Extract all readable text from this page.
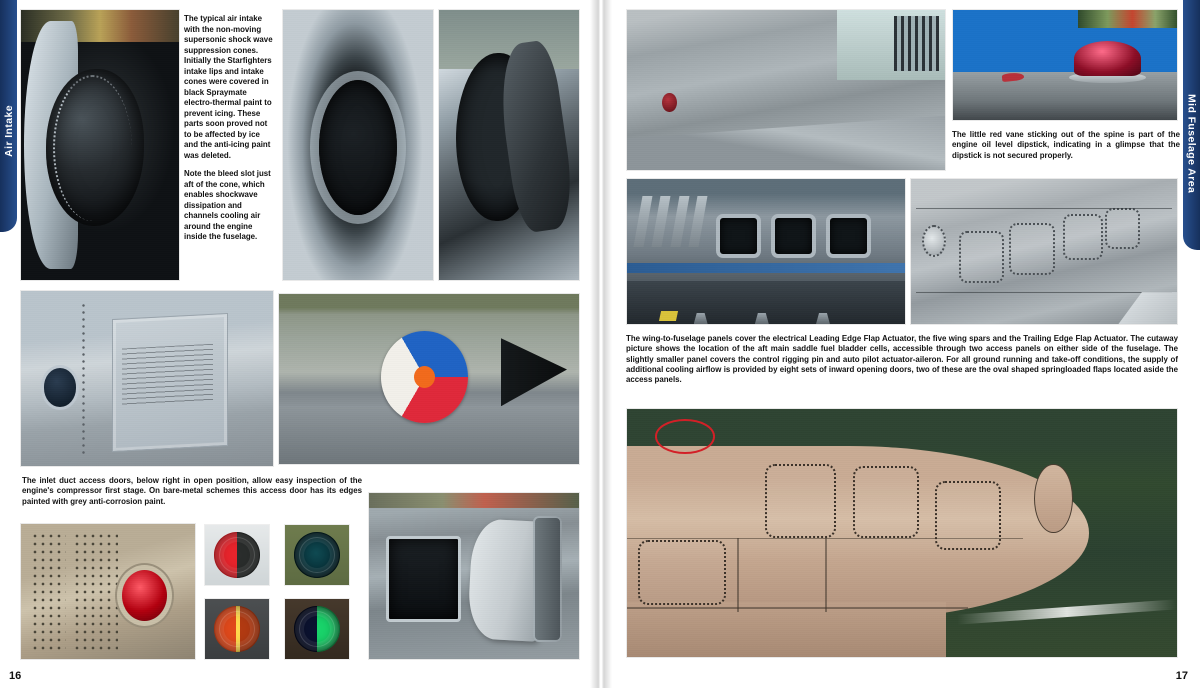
Air Intake

The typical air intake with the non-moving supersonic shock wave suppression cones. Initially the Starfighters intake lips and intake cones were covered in black Spraymate electro-thermal paint to prevent icing. These parts soon proved not to be affected by ice and the anti-icing paint was deleted.

Note the bleed slot just aft of the cone, which enables shockwave dissipation and channels cooling air around the engine inside the fuselage.

The inlet duct access doors, below right in open position, allow easy inspection of the engine's compressor first stage. On bare-metal schemes this access door has its edges painted with grey anti-corrosion paint.

16
Mid Fuselage Area

The little red vane sticking out of the spine is part of the engine oil level dipstick, indicating in a glimpse that the dipstick is not secured properly.

The wing-to-fuselage panels cover the electrical Leading Edge Flap Actuator, the five wing spars and the Trailing Edge Flap Actuator. The cutaway picture shows the location of the aft main saddle fuel bladder cells, accessible through two access panels on either side of the fuselage. The slightly smaller panel covers the control rigging pin and auto pilot actuator-aileron. For all ground running and take-off conditions, the supply of additional cooling airflow is provided by eight sets of inward opening doors, two of these are the oval shaped springloaded flaps located aside the access panels.

17
